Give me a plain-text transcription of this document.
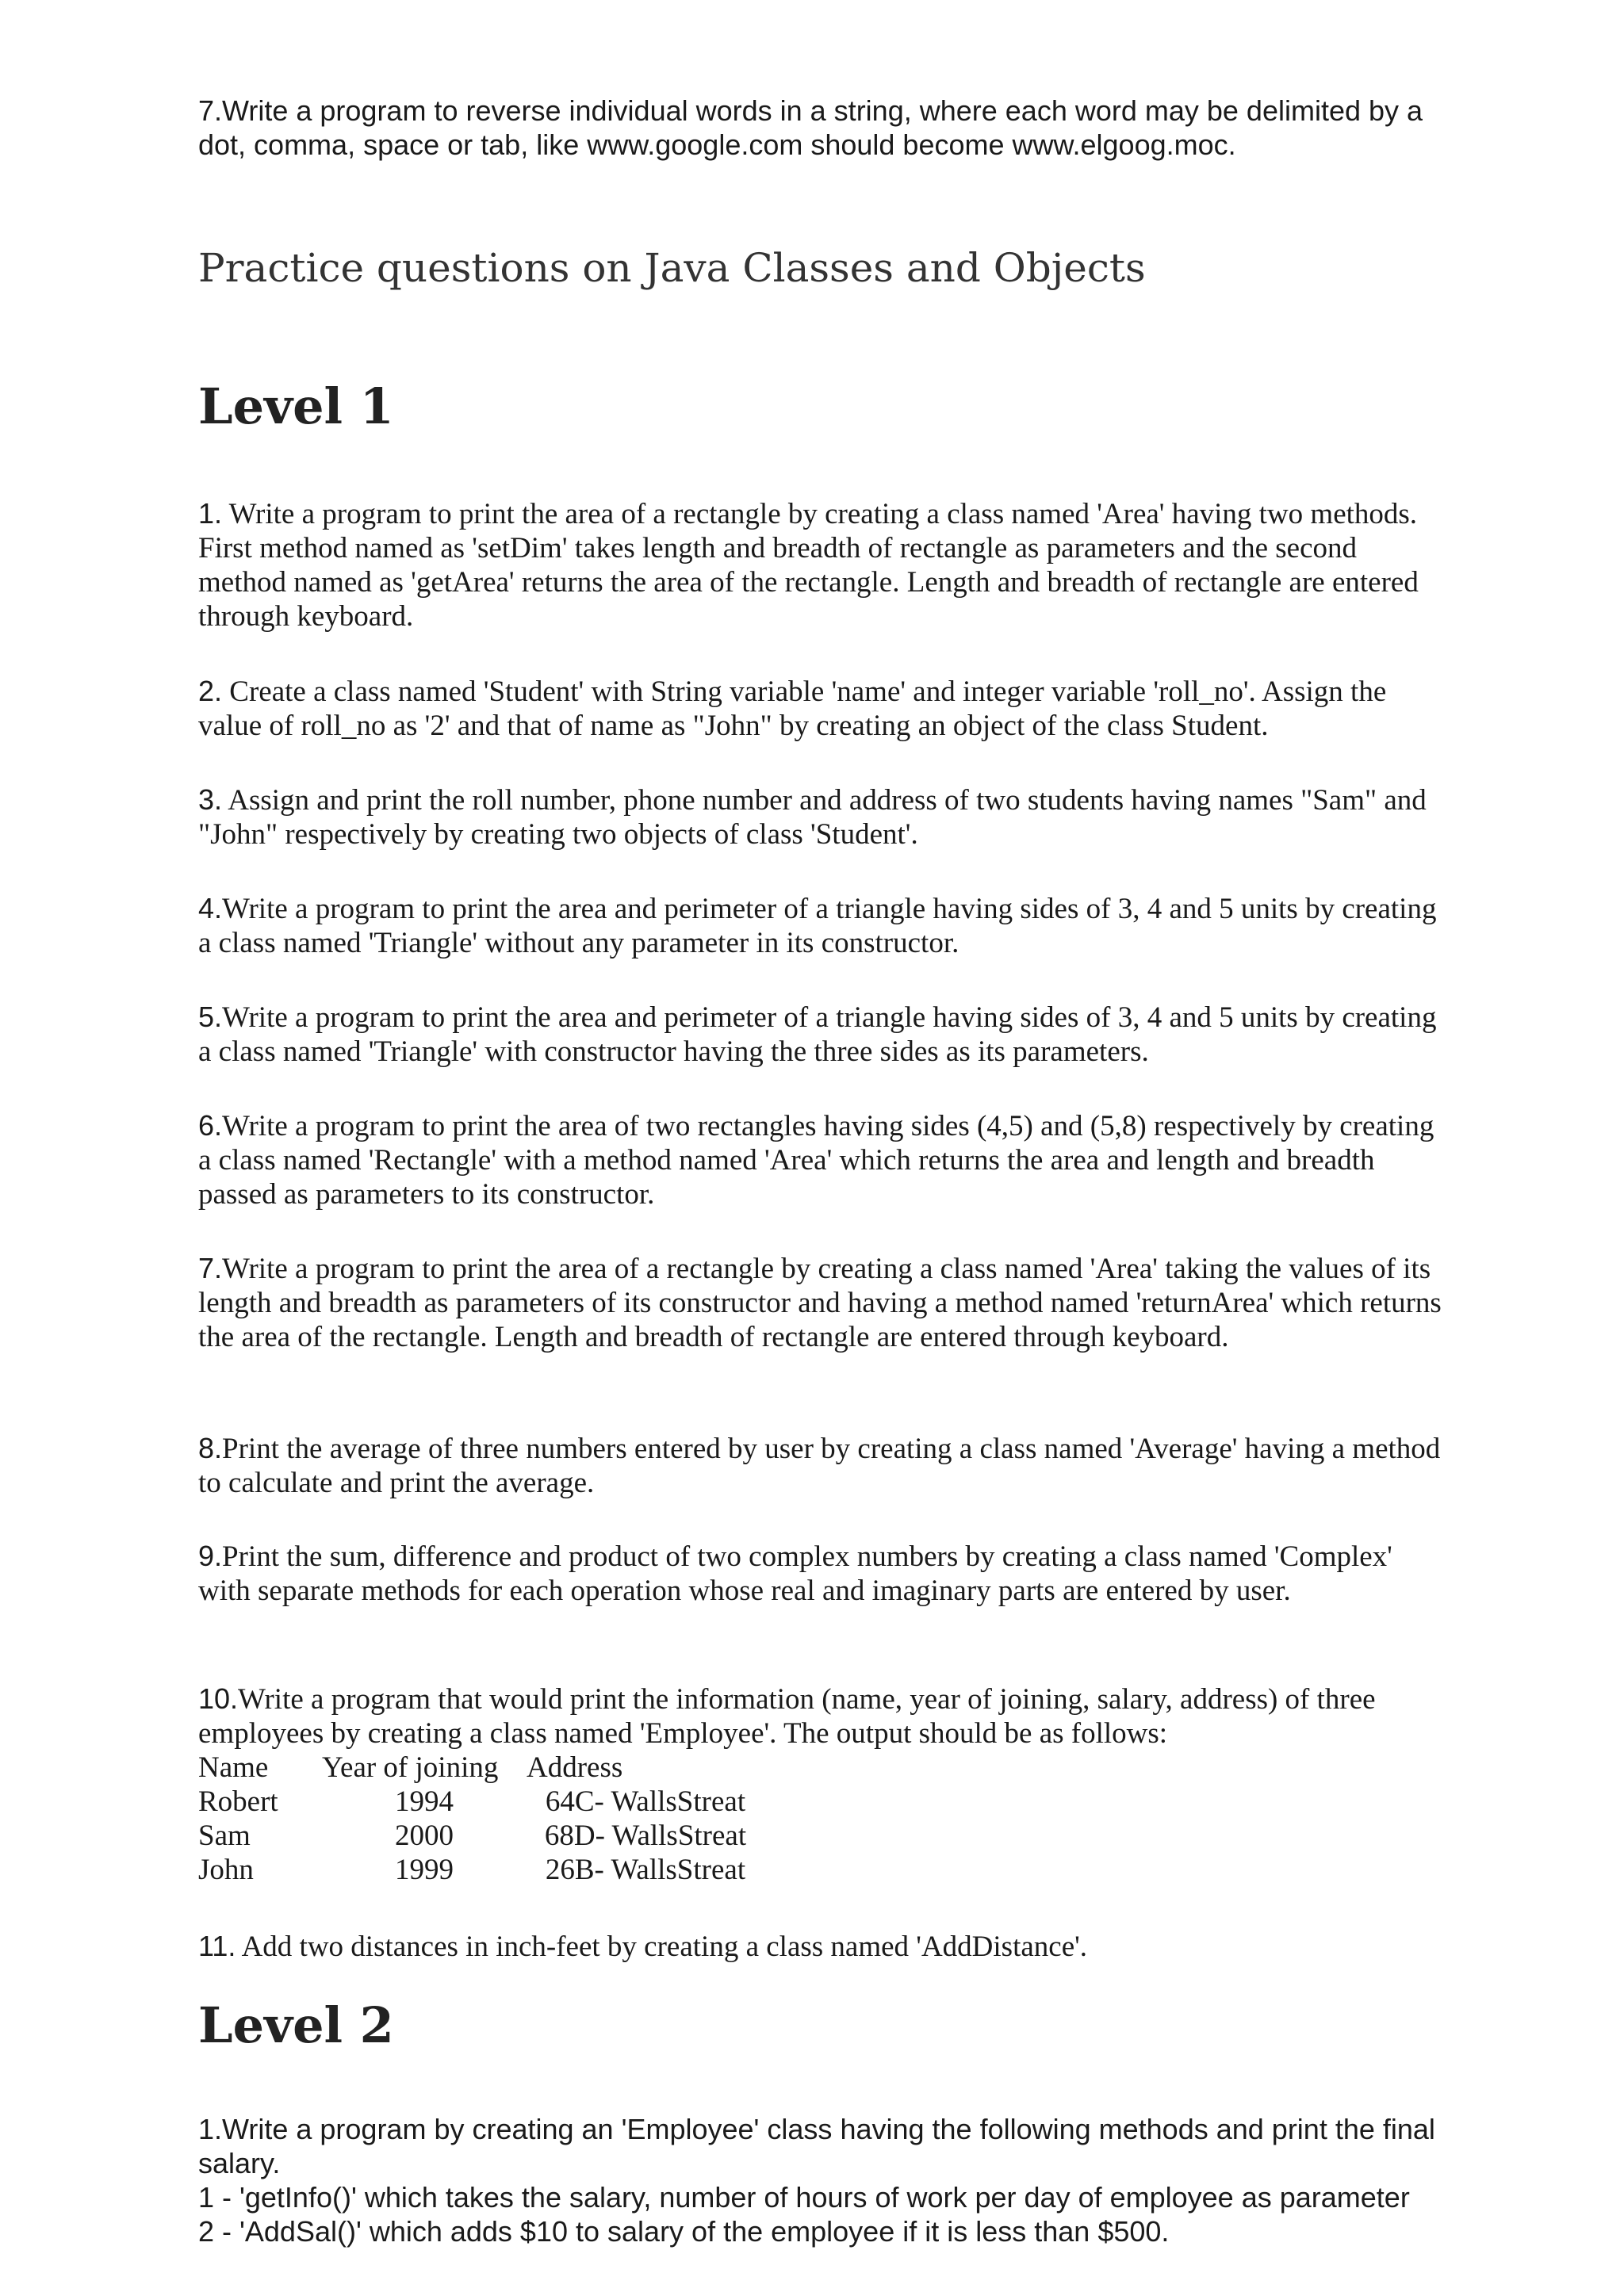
7.Write a program to reverse individual words in a string, where each word may be delimited by a dot, comma, space or tab, like www.google.com should become www.elgoog.moc.

Practice questions on Java Classes and Objects
Level 1

1. Write a program to print the area of a rectangle by creating a class named 'Area' having two methods. First method named as 'setDim' takes length and breadth of rectangle as parameters and the second method named as 'getArea' returns the area of the rectangle. Length and breadth of rectangle are entered through keyboard.

2. Create a class named 'Student' with String variable 'name' and integer variable 'roll_no'. Assign the value of roll_no as '2' and that of name as "John" by creating an object of the class Student.

3. Assign and print the roll number, phone number and address of two students having names "Sam" and "John" respectively by creating two objects of class 'Student'.

4.Write a program to print the area and perimeter of a triangle having sides of 3, 4 and 5 units by creating a class named 'Triangle' without any parameter in its constructor.

5.Write a program to print the area and perimeter of a triangle having sides of 3, 4 and 5 units by creating a class named 'Triangle' with constructor having the three sides as its parameters.

6.Write a program to print the area of two rectangles having sides (4,5) and (5,8) respectively by creating a class named 'Rectangle' with a method named 'Area' which returns the area and length and breadth passed as parameters to its constructor.

7.Write a program to print the area of a rectangle by creating a class named 'Area' taking the values of its length and breadth as parameters of its constructor and having a method named 'returnArea' which returns the area of the rectangle. Length and breadth of rectangle are entered through keyboard.

8.Print the average of three numbers entered by user by creating a class named 'Average' having a method to calculate and print the average.

9.Print the sum, difference and product of two complex numbers by creating a class named 'Complex' with separate methods for each operation whose real and imaginary parts are entered by user.

10.Write a program that would print the information (name, year of joining, salary, address) of three employees by creating a class named 'Employee'. The output should be as follows:

Name	Year of joining	Address
Robert	1994	64C- WallsStreat
Sam	2000	68D- WallsStreat
John	1999	26B- WallsStreat

11. Add two distances in inch-feet by creating a class named 'AddDistance'.

Level 2
1.Write a program by creating an 'Employee' class having the following methods and print the final salary.
1 - 'getInfo()' which takes the salary, number of hours of work per day of employee as parameter
2 - 'AddSal()' which adds $10 to salary of the employee if it is less than $500.
